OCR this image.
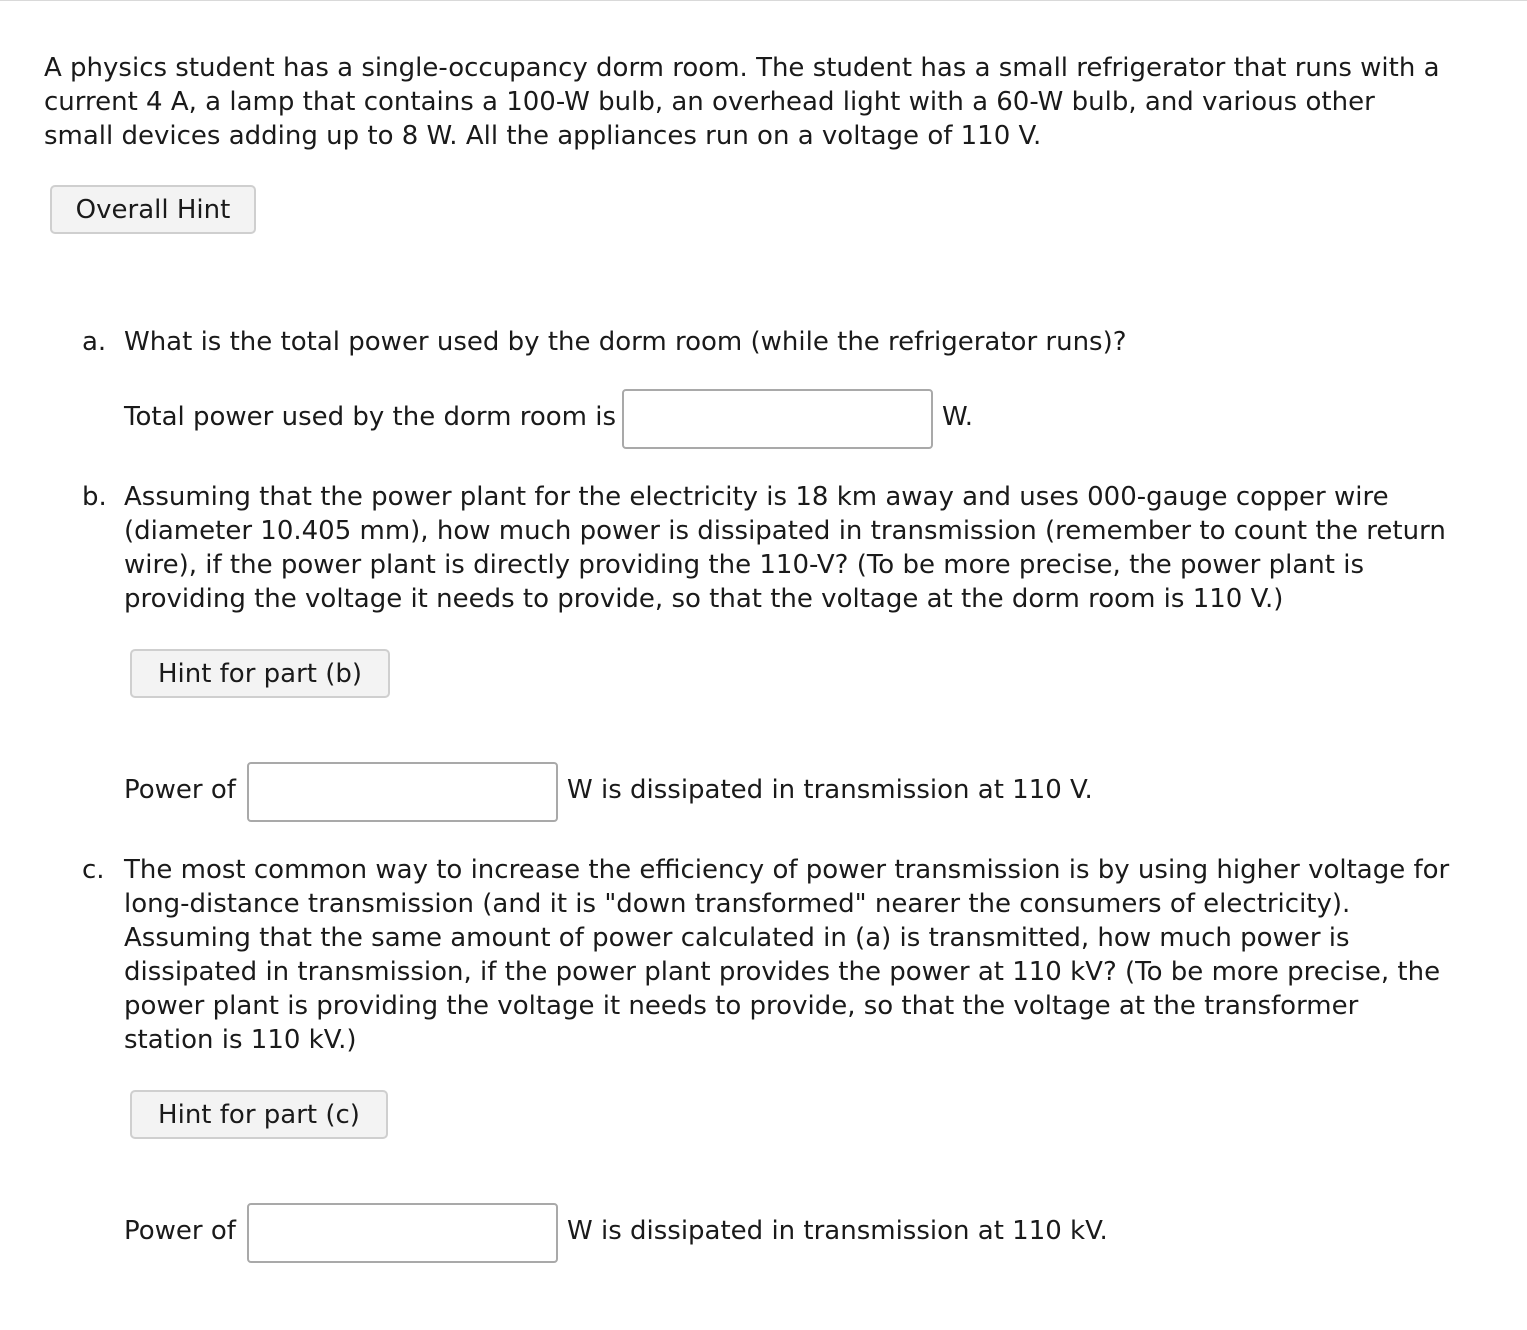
A physics student has a single-occupancy dorm room. The student has a small refrigerator that runs with a
current 4 A, a lamp that contains a 100-W bulb, an overhead light with a 60-W bulb, and various other
small devices adding up to 8 W. All the appliances run on a voltage of 110 V.
Overall Hint
a. What is the total power used by the dorm room (while the refrigerator runs)?
Total power used by the dorm room is	W.
b. Assuming that the power plant for the electricity is 18 km away and uses 000-gauge copper wire
(diameter 10.405 mm), how much power is dissipated in transmission (remember to count the return
wire), if the power plant is directly providing the 110-V? (To be more precise, the power plant is
providing the voltage it needs to provide, so that the voltage at the dorm room is 110 V.)
Hint for part (b)
Power of	W is dissipated in transmission at 110 V.
c. The most common way to increase the efficiency of power transmission is by using higher voltage for
long-distance transmission (and it is "down transformed" nearer the consumers of electricity).
Assuming that the same amount of power calculated in (a) is transmitted, how much power is
dissipated in transmission, if the power plant provides the power at 110 kV? (To be more precise, the
power plant is providing the voltage it needs to provide, so that the voltage at the transformer
station is 110 kV.)
Hint for part (c)
Power of	W is dissipated in transmission at 110 kV.
